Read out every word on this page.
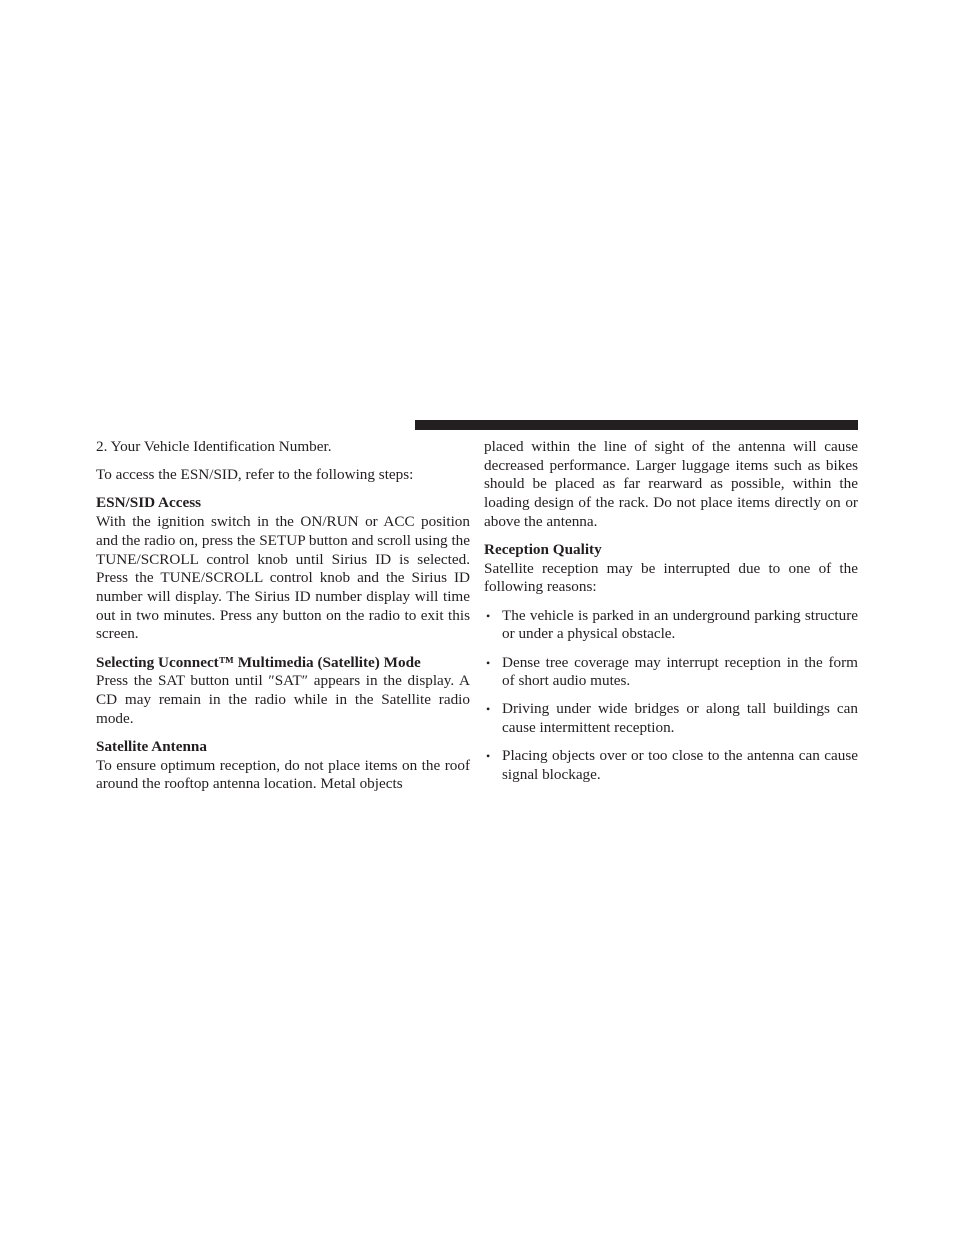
2. Your Vehicle Identification Number.

To access the ESN/SID, refer to the following steps:

ESN/SID Access

With the ignition switch in the ON/RUN or ACC position and the radio on, press the SETUP button and scroll using the TUNE/SCROLL control knob until Sirius ID is selected. Press the TUNE/SCROLL control knob and the Sirius ID number will display. The Sirius ID number display will time out in two minutes. Press any button on the radio to exit this screen.

Selecting Uconnect™ Multimedia (Satellite) Mode

Press the SAT button until ″SAT″ appears in the display. A CD may remain in the radio while in the Satellite radio mode.

Satellite Antenna

To ensure optimum reception, do not place items on the roof around the rooftop antenna location. Metal objects

placed within the line of sight of the antenna will cause decreased performance. Larger luggage items such as bikes should be placed as far rearward as possible, within the loading design of the rack. Do not place items directly on or above the antenna.

Reception Quality

Satellite reception may be interrupted due to one of the following reasons:

• The vehicle is parked in an underground parking structure or under a physical obstacle.
• Dense tree coverage may interrupt reception in the form of short audio mutes.
• Driving under wide bridges or along tall buildings can cause intermittent reception.
• Placing objects over or too close to the antenna can cause signal blockage.
